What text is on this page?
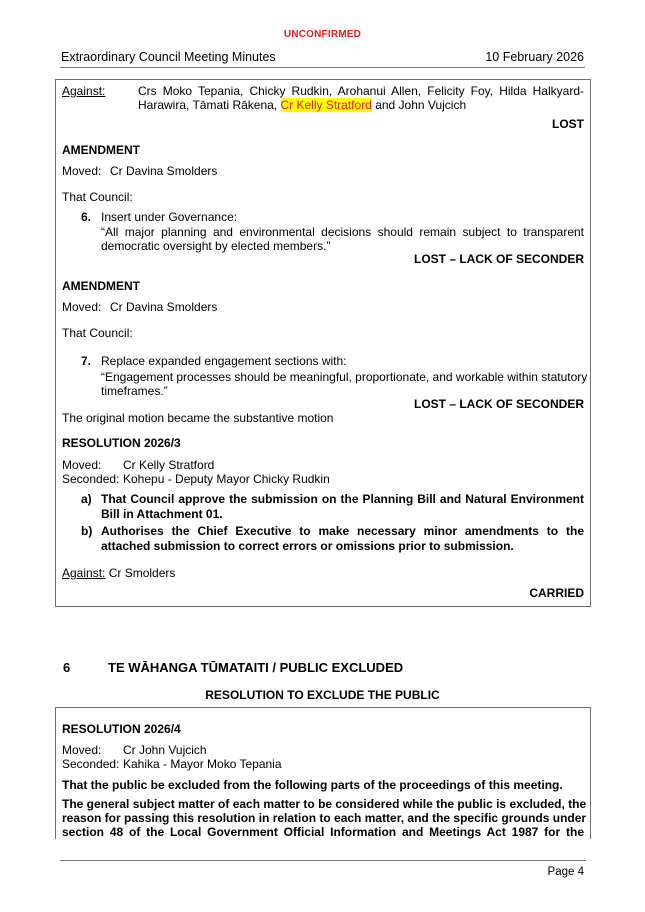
UNCONFIRMED
Extraordinary Council Meeting Minutes	10 February 2026
Against:	Crs Moko Tepania, Chicky Rudkin, Arohanui Allen, Felicity Foy, Hilda Halkyard-
Harawira, Tāmati Rākena, Cr Kelly Stratford and John Vujcich
LOST
AMENDMENT
Moved: Cr Davina Smolders
That Council:
6. Insert under Governance:
“All major planning and environmental decisions should remain subject to transparent
democratic oversight by elected members.”
LOST – LACK OF SECONDER
AMENDMENT
Moved: Cr Davina Smolders
That Council:
7. Replace expanded engagement sections with:
“Engagement processes should be meaningful, proportionate, and workable within statutory
timeframes.”
LOST – LACK OF SECONDER
The original motion became the substantive motion
RESOLUTION 2026/3
Moved: Cr Kelly Stratford
Seconded: Kohepu - Deputy Mayor Chicky Rudkin
a) That Council approve the submission on the Planning Bill and Natural Environment
Bill in Attachment 01.
b) Authorises the Chief Executive to make necessary minor amendments to the
attached submission to correct errors or omissions prior to submission.
Against: Cr Smolders
CARRIED
6	TE WĀHANGA TŪMATAITI / PUBLIC EXCLUDED
RESOLUTION TO EXCLUDE THE PUBLIC
RESOLUTION 2026/4
Moved: Cr John Vujcich
Seconded: Kahika - Mayor Moko Tepania
That the public be excluded from the following parts of the proceedings of this meeting.
The general subject matter of each matter to be considered while the public is excluded, the
reason for passing this resolution in relation to each matter, and the specific grounds under
section 48 of the Local Government Official Information and Meetings Act 1987 for the
Page 4
